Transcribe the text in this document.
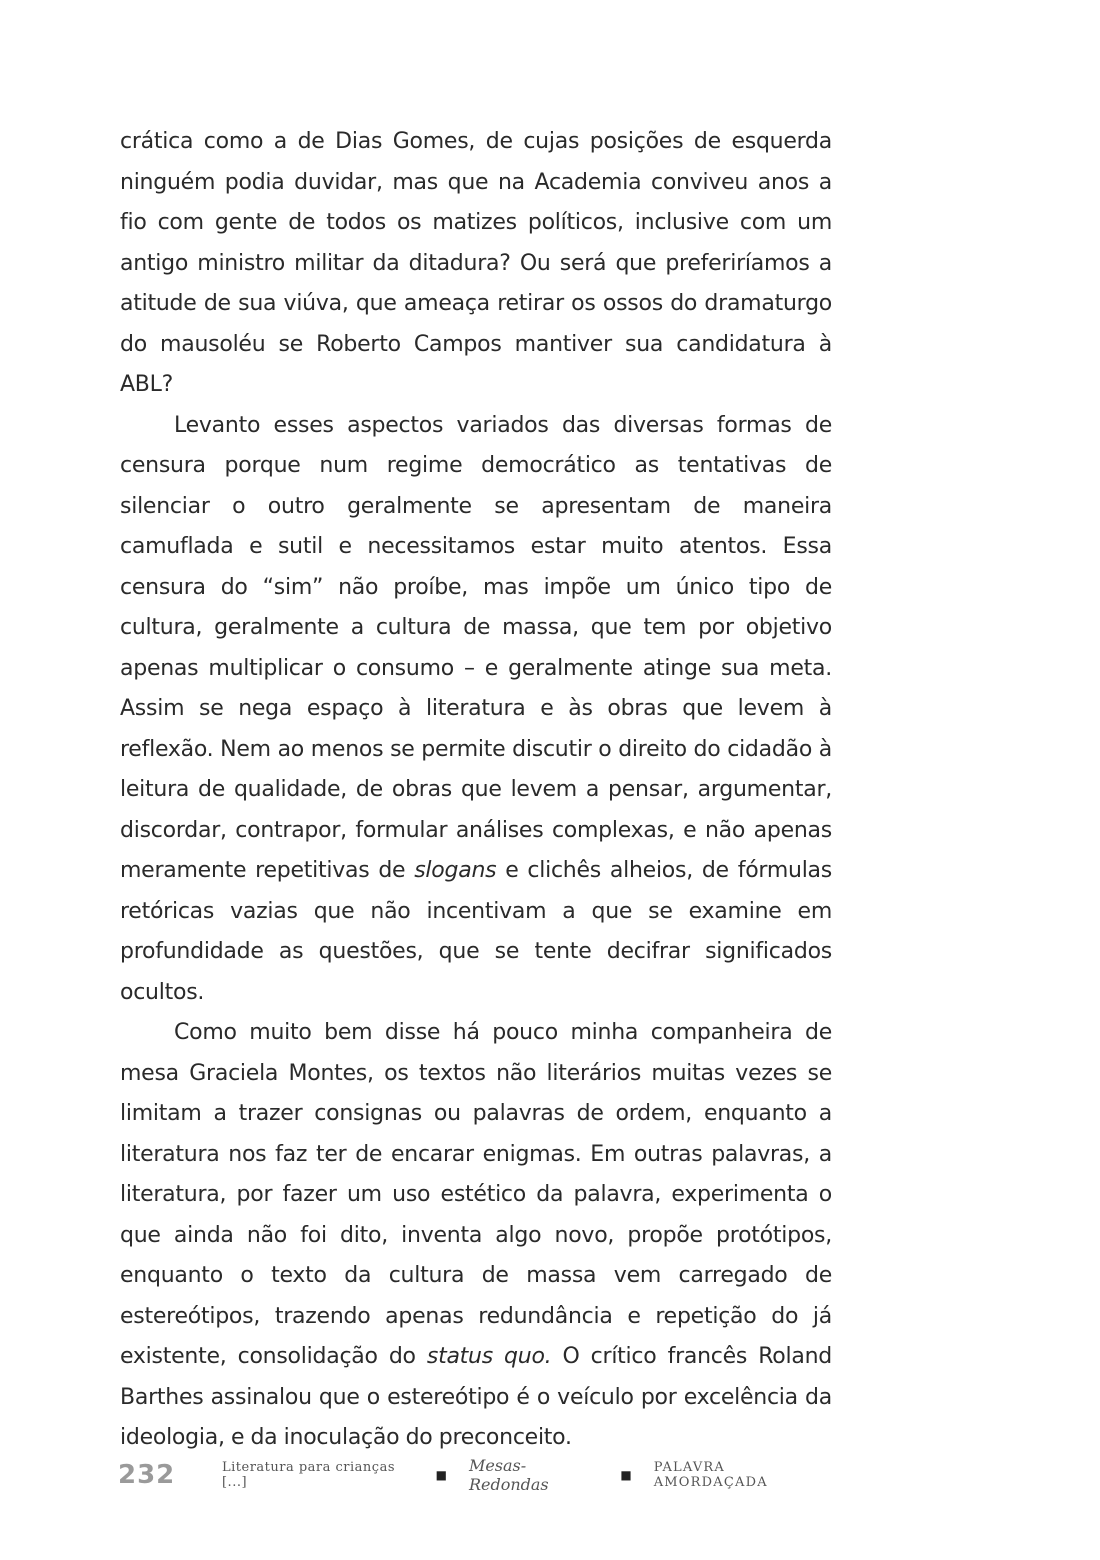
crática como a de Dias Gomes, de cujas posições de esquerda ninguém podia duvidar, mas que na Academia conviveu anos a fio com gente de todos os matizes políticos, inclusive com um antigo ministro militar da ditadura? Ou será que preferiríamos a atitude de sua viúva, que ameaça retirar os ossos do dramaturgo do mausoléu se Roberto Campos mantiver sua candidatura à ABL?

Levanto esses aspectos variados das diversas formas de censura porque num regime democrático as tentativas de silenciar o outro geralmente se apresentam de maneira camuflada e sutil e necessitamos estar muito atentos. Essa censura do “sim” não proíbe, mas impõe um único tipo de cultura, geralmente a cultura de massa, que tem por objetivo apenas multiplicar o consumo – e geralmente atinge sua meta. Assim se nega espaço à literatura e às obras que levem à reflexão. Nem ao menos se permite discutir o direito do cidadão à leitura de qualidade, de obras que levem a pensar, argumentar, discordar, contrapor, formular análises complexas, e não apenas meramente repetitivas de slogans e clichês alheios, de fórmulas retóricas vazias que não incentivam a que se examine em profundidade as questões, que se tente decifrar significados ocultos.

Como muito bem disse há pouco minha companheira de mesa Graciela Montes, os textos não literários muitas vezes se limitam a trazer consignas ou palavras de ordem, enquanto a literatura nos faz ter de encarar enigmas. Em outras palavras, a literatura, por fazer um uso estético da palavra, experimenta o que ainda não foi dito, inventa algo novo, propõe protótipos, enquanto o texto da cultura de massa vem carregado de estereótipos, trazendo apenas redundância e repetição do já existente, consolidação do status quo. O crítico francês Roland Barthes assinalou que o estereótipo é o veículo por excelência da ideologia, e da inoculação do preconceito.

232	Literatura para crianças [...]	■ Mesas-Redondas	■ PALAVRA AMORDAÇADA
